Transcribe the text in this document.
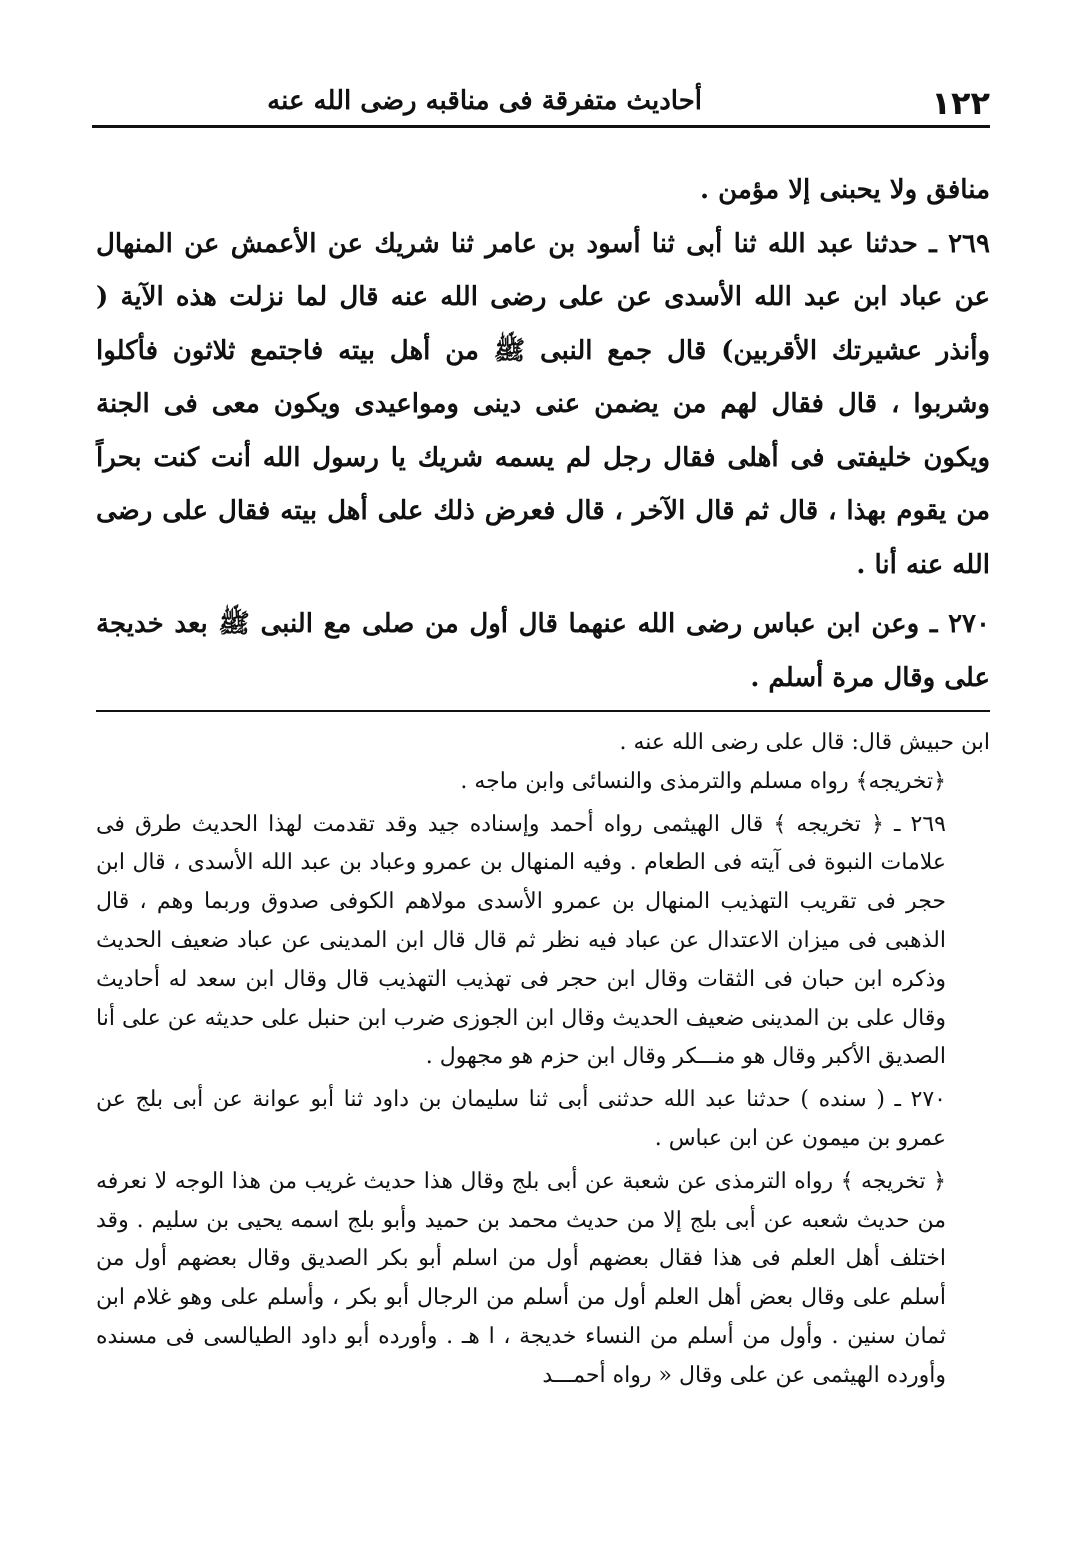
١٢٢
أحاديث متفرقة فى مناقبه رضى الله عنه

منافق ولا يحبنى إلا مؤمن .

٢٦٩ ـ حدثنا عبد الله ثنا أبى ثنا أسود بن عامر ثنا شريك عن الأعمش عن المنهال عن عباد ابن عبد الله الأسدى عن على رضى الله عنه قال لما نزلت هذه الآية ( وأنذر عشيرتك الأقربين) قال جمع النبى ﷺ من أهل بيته فاجتمع ثلاثون فأكلوا وشربوا ، قال فقال لهم من يضمن عنى دينى ومواعيدى ويكون معى فى الجنة ويكون خليفتى فى أهلى فقال رجل لم يسمه شريك يا رسول الله أنت كنت بحراً من يقوم بهذا ، قال ثم قال الآخر ، قال فعرض ذلك على أهل بيته فقال على رضى الله عنه أنا .

٢٧٠ ـ وعن ابن عباس رضى الله عنهما قال أول من صلى مع النبى ﷺ بعد خديجة على وقال مرة أسلم .

ابن حبيش قال: قال على رضى الله عنه .

﴿تخريجه﴾ رواه مسلم والترمذى والنسائى وابن ماجه .

٢٦٩ ـ ﴿ تخريجه ﴾ قال الهيثمى رواه أحمد وإسناده جيد وقد تقدمت لهذا الحديث طرق فى علامات النبوة فى آيته فى الطعام . وفيه المنهال بن عمرو وعباد بن عبد الله الأسدى ، قال ابن حجر فى تقريب التهذيب المنهال بن عمرو الأسدى مولاهم الكوفى صدوق وربما وهم ، قال الذهبى فى ميزان الاعتدال عن عباد فيه نظر ثم قال قال ابن المدينى عن عباد ضعيف الحديث وذكره ابن حبان فى الثقات وقال ابن حجر فى تهذيب التهذيب قال وقال ابن سعد له أحاديث وقال على بن المدينى ضعيف الحديث وقال ابن الجوزى ضرب ابن حنبل على حديثه عن على أنا الصديق الأكبر وقال هو منـــكر وقال ابن حزم هو مجهول .

٢٧٠ ـ ( سنده ) حدثنا عبد الله حدثنى أبى ثنا سليمان بن داود ثنا أبو عوانة عن أبى بلج عن عمرو بن ميمون عن ابن عباس .

﴿ تخريجه ﴾ رواه الترمذى عن شعبة عن أبى بلج وقال هذا حديث غريب من هذا الوجه لا نعرفه من حديث شعبه عن أبى بلج إلا من حديث محمد بن حميد وأبو بلج اسمه يحيى بن سليم . وقد اختلف أهل العلم فى هذا فقال بعضهم أول من اسلم أبو بكر الصديق وقال بعضهم أول من أسلم على وقال بعض أهل العلم أول من أسلم من الرجال أبو بكر ، وأسلم على وهو غلام ابن ثمان سنين . وأول من أسلم من النساء خديجة ، ا هـ . وأورده أبو داود الطيالسى فى مسنده وأورده الهيثمى عن على وقال « رواه أحمـــد
